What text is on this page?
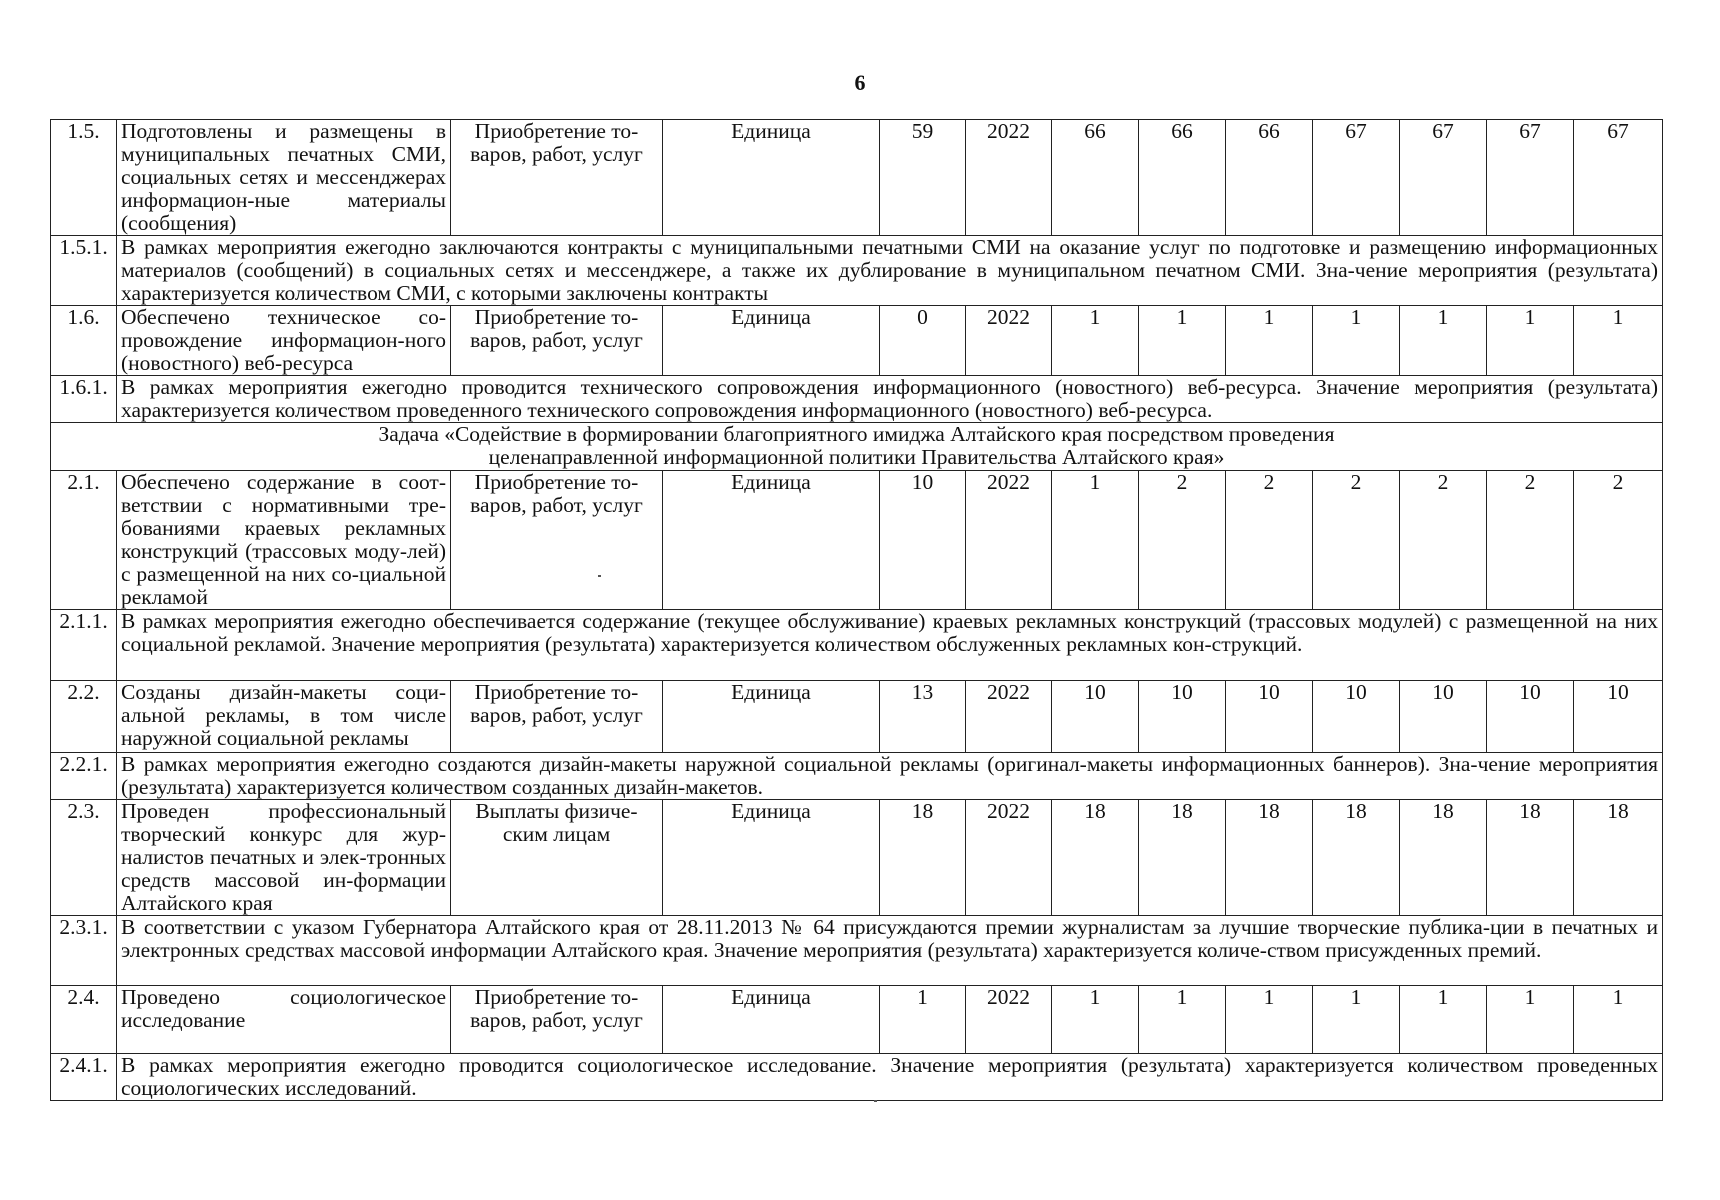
6
1.5.	Подготовлены и размещены в муниципальных печатных СМИ, социальных сетях и мессенджерах информацион-ные материалы (сообщения)	Приобретение то-варов, работ, услуг	Единица	59	2022	66	66	66	67	67	67	67
1.5.1.	В рамках мероприятия ежегодно заключаются контракты с муниципальными печатными СМИ на оказание услуг по подготовке и размещению информационных материалов (сообщений) в социальных сетях и мессенджере, а также их дублирование в муниципальном печатном СМИ. Зна-чение мероприятия (результата) характеризуется количеством СМИ, с которыми заключены контракты											
1.6.	Обеспечено техническое со-провождение информацион-ного (новостного) веб-ресурса	Приобретение то-варов, работ, услуг	Единица	0	2022	1	1	1	1	1	1	1
1.6.1.	В рамках мероприятия ежегодно проводится технического сопровождения информационного (новостного) веб-ресурса. Значение мероприятия (результата) характеризуется количеством проведенного технического сопровождения информационного (новостного) веб-ресурса.											

Задача «Содействие в формировании благоприятного имиджа Алтайского края посредством проведения
целенаправленной информационной политики Правительства Алтайского края»												

2.1.	Обеспечено содержание в соот-ветствии с нормативными тре-бованиями краевых рекламных конструкций (трассовых моду-лей) с размещенной на них со-циальной рекламой	Приобретение то-варов, работ, услуг	Единица	10	2022	1	2	2	2	2	2	2
2.1.1.	В рамках мероприятия ежегодно обеспечивается содержание (текущее обслуживание) краевых рекламных конструкций (трассовых модулей) с размещенной на них социальной рекламой. Значение мероприятия (результата) характеризуется количеством обслуженных рекламных кон-струкций.											
2.2.	Созданы дизайн-макеты соци-альной рекламы, в том числе наружной социальной рекламы	Приобретение то-варов, работ, услуг	Единица	13	2022	10	10	10	10	10	10	10
2.2.1.	В рамках мероприятия ежегодно создаются дизайн-макеты наружной социальной рекламы (оригинал-макеты информационных баннеров). Зна-чение мероприятия (результата) характеризуется количеством созданных дизайн-макетов.											
2.3.	Проведен профессиональный творческий конкурс для жур-налистов печатных и элек-тронных средств массовой ин-формации Алтайского края	Выплаты физиче-ским лицам	Единица	18	2022	18	18	18	18	18	18	18
2.3.1.	В соответствии с указом Губернатора Алтайского края от 28.11.2013 № 64 присуждаются премии журналистам за лучшие творческие публика-ции в печатных и электронных средствах массовой информации Алтайского края. Значение мероприятия (результата) характеризуется количе-ством присужденных премий.											
2.4.	Проведено социологическое исследование	Приобретение то-варов, работ, услуг	Единица	1	2022	1	1	1	1	1	1	1
2.4.1.	В рамках мероприятия ежегодно проводится социологическое исследование. Значение мероприятия (результата) характеризуется количеством проведенных социологических исследований.											
